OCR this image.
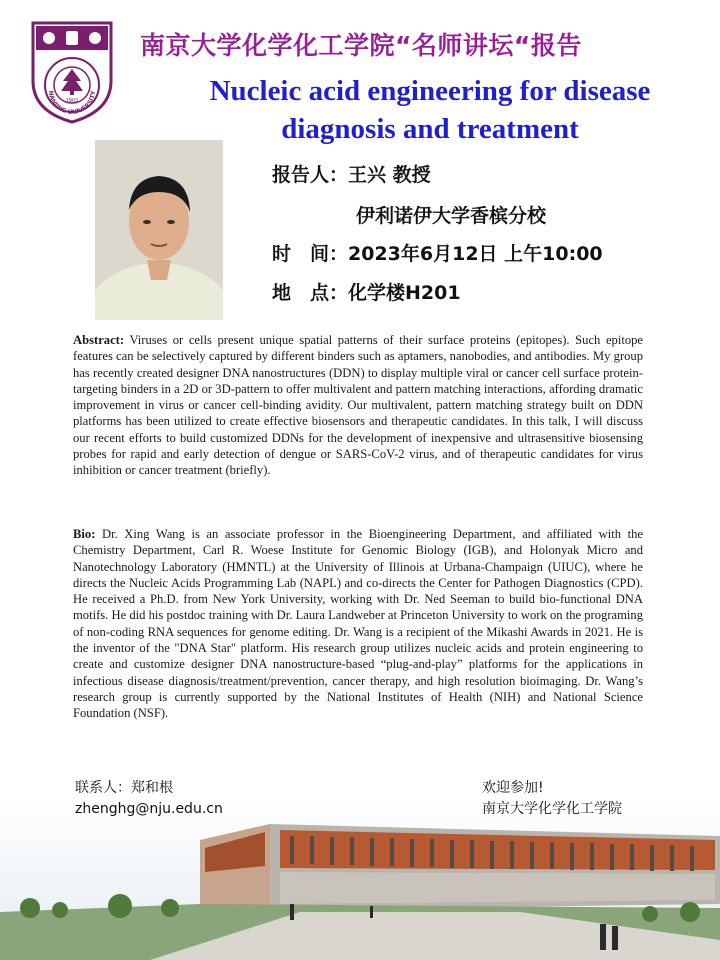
1902
NANJING UNIVERSITY
南京大学化学化工学院“名师讲坛“报告
Nucleic acid engineering for disease
diagnosis and treatment
报告人：王兴 教授
伊利诺伊大学香槟分校
时　间：2023年6月12日 上午10:00
地　点：化学楼H201
Abstract: Viruses or cells present unique spatial patterns of their surface proteins (epitopes). Such epitope features can be selectively captured by different binders such as aptamers, nanobodies, and antibodies. My group has recently created designer DNA nanostructures (DDN) to display multiple viral or cancer cell surface protein-targeting binders in a 2D or 3D-pattern to offer multivalent and pattern matching interactions, affording dramatic improvement in virus or cancer cell-binding avidity. Our multivalent, pattern matching strategy built on DDN platforms has been utilized to create effective biosensors and therapeutic candidates. In this talk, I will discuss our recent efforts to build customized DDNs for the development of inexpensive and ultrasensitive biosensing probes for rapid and early detection of dengue or SARS-CoV-2 virus, and of therapeutic candidates for virus inhibition or cancer treatment (briefly).
Bio: Dr. Xing Wang is an associate professor in the Bioengineering Department, and affiliated with the Chemistry Department, Carl R. Woese Institute for Genomic Biology (IGB), and Holonyak Micro and Nanotechnology Laboratory (HMNTL) at the University of Illinois at Urbana-Champaign (UIUC), where he directs the Nucleic Acids Programming Lab (NAPL) and co-directs the Center for Pathogen Diagnostics (CPD). He received a Ph.D. from New York University, working with Dr. Ned Seeman to build bio-functional DNA motifs. He did his postdoc training with Dr. Laura Landweber at Princeton University to work on the programing of non-coding RNA sequences for genome editing. Dr. Wang is a recipient of the Mikashi Awards in 2021. He is the inventor of the "DNA Star" platform. His research group utilizes nucleic acids and protein engineering to create and customize designer DNA nanostructure-based “plug-and-play” platforms for the applications in infectious disease diagnosis/treatment/prevention, cancer therapy, and high resolution bioimaging. Dr. Wang’s research group is currently supported by the National Institutes of Health (NIH) and National Science Foundation (NSF).
联系人：郑和根
zhenghg@nju.edu.cn
欢迎参加!
南京大学化学化工学院
